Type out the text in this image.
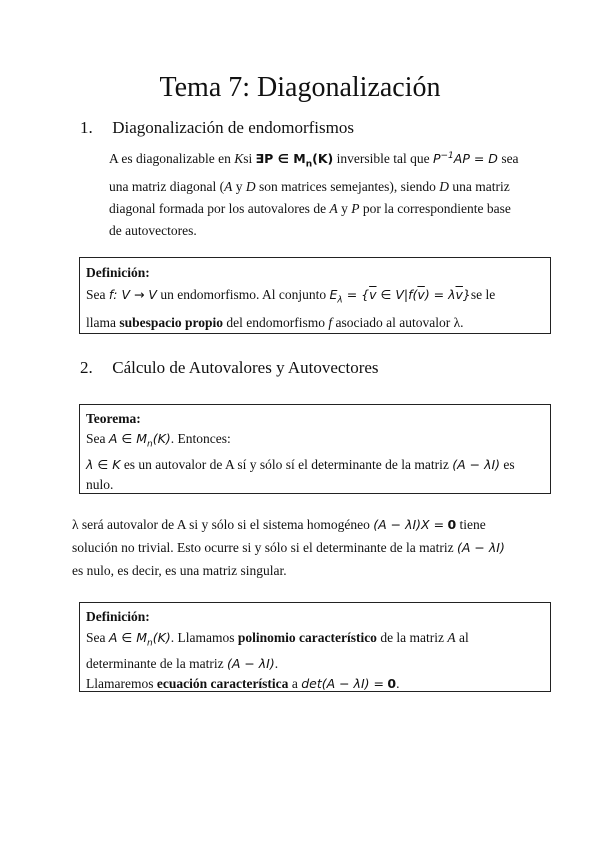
Tema 7: Diagonalización
1. Diagonalización de endomorfismos
A es diagonalizable en Ksi ∃P ∈ $M_n(K)$ inversible tal que $P^{-1}AP = D$ sea
una matriz diagonal (A y D son matrices semejantes), siendo D una matriz
diagonal formada por los autovalores de A y P por la correspondiente base
de autovectores.
Definición:
Sea f: V → V un endomorfismo. Al conjunto $E_\lambda = \{\overline{v}$ ∈ $V|f(\overline{v}) = \lambda\overline{v}\}se$ le
llama subespacio propio del endomorfismo f asociado al autovalor λ.
2. Cálculo de Autovalores y Autovectores
Teorema:
Sea A ∈ $M_n(K)$. Entonces:
λ ∈ K es un autovalor de A sí y sólo sí el determinante de la matriz (A − λI) es
nulo.
λ será autovalor de A si y sólo si el sistema homogéneo (A − λI)X = 0 tiene
solución no trivial. Esto ocurre si y sólo si el determinante de la matriz (A − λI)
es nulo, es decir, es una matriz singular.
Definición:
Sea A ∈ $M_n(K)$. Llamamos polinomio característico de la matriz A al
determinante de la matriz (A − λI).
Llamaremos ecuación característica a det(A − λI) = 0.
